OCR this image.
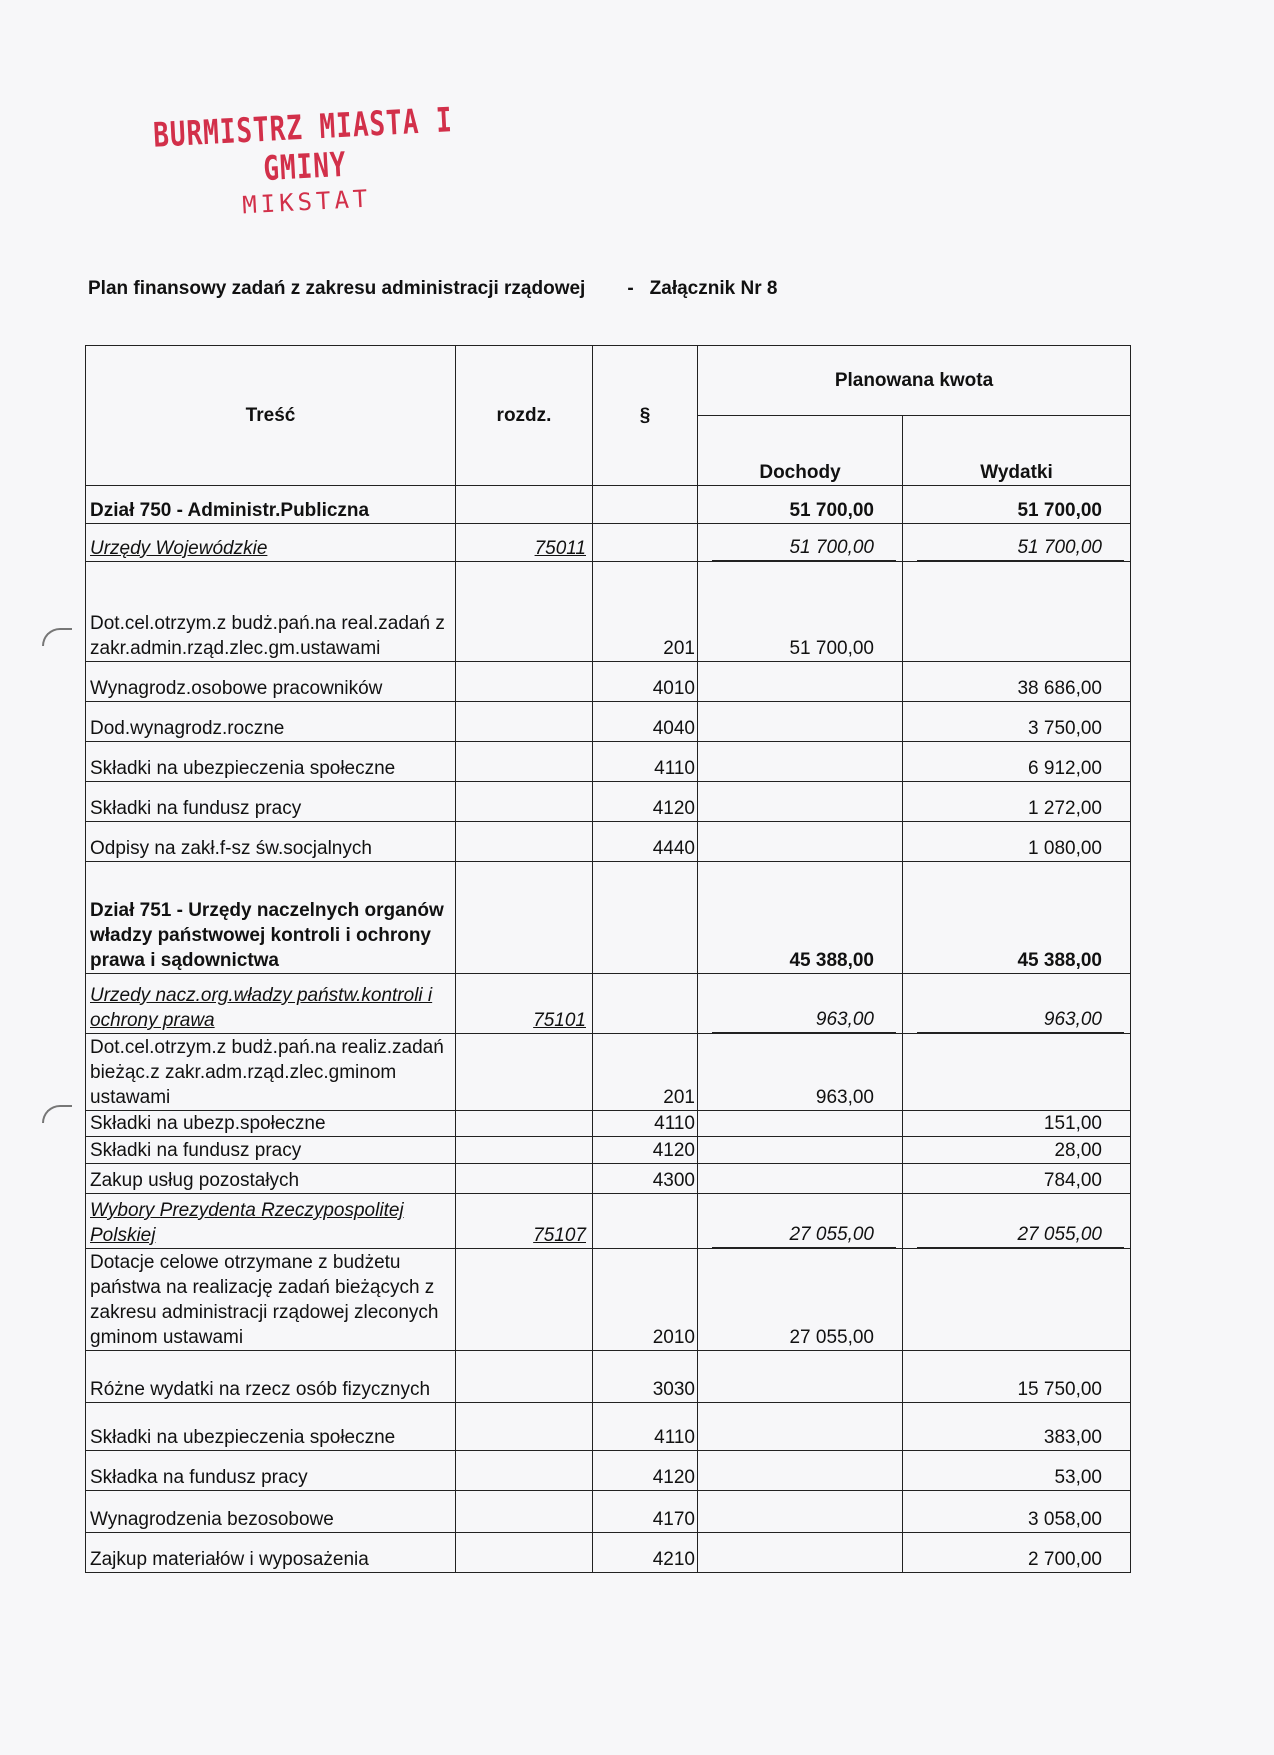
BURMISTRZ MIASTA I GMINY
MIKSTAT
Plan finansowy zadań z zakresu administracji rządowej - Załącznik Nr 8
Treść	rozdz.	§	Planowana kwota	
			Dochody	Wydatki
Dział 750 - Administr.Publiczna			51 700,00	51 700,00
Urzędy Wojewódzkie	75011		51 700,00	51 700,00
Dot.cel.otrzym.z budż.pań.na real.zadań z zakr.admin.rząd.zlec.gm.ustawami		201	51 700,00	
Wynagrodz.osobowe pracowników		4010		38 686,00
Dod.wynagrodz.roczne		4040		3 750,00
Składki na ubezpieczenia społeczne		4110		6 912,00
Składki na fundusz pracy		4120		1 272,00
Odpisy na zakł.f-sz św.socjalnych		4440		1 080,00
Dział 751 - Urzędy naczelnych organów władzy państwowej kontroli i ochrony prawa i sądownictwa			45 388,00	45 388,00
Urzedy nacz.org.władzy państw.kontroli i ochrony prawa	75101		963,00	963,00
Dot.cel.otrzym.z budż.pań.na realiz.zadań bieżąc.z zakr.adm.rząd.zlec.gminom ustawami		201	963,00	
Składki na ubezp.społeczne		4110		151,00
Składki na fundusz pracy		4120		28,00
Zakup usług pozostałych		4300		784,00
Wybory Prezydenta Rzeczypospolitej Polskiej	75107		27 055,00	27 055,00
Dotacje celowe otrzymane z budżetu państwa na realizację zadań bieżących z zakresu administracji rządowej zleconych gminom ustawami		2010	27 055,00	
Różne wydatki na rzecz osób fizycznych		3030		15 750,00
Składki na ubezpieczenia społeczne		4110		383,00
Składka na fundusz pracy		4120		53,00
Wynagrodzenia bezosobowe		4170		3 058,00
Zajkup materiałów i wyposażenia		4210		2 700,00
